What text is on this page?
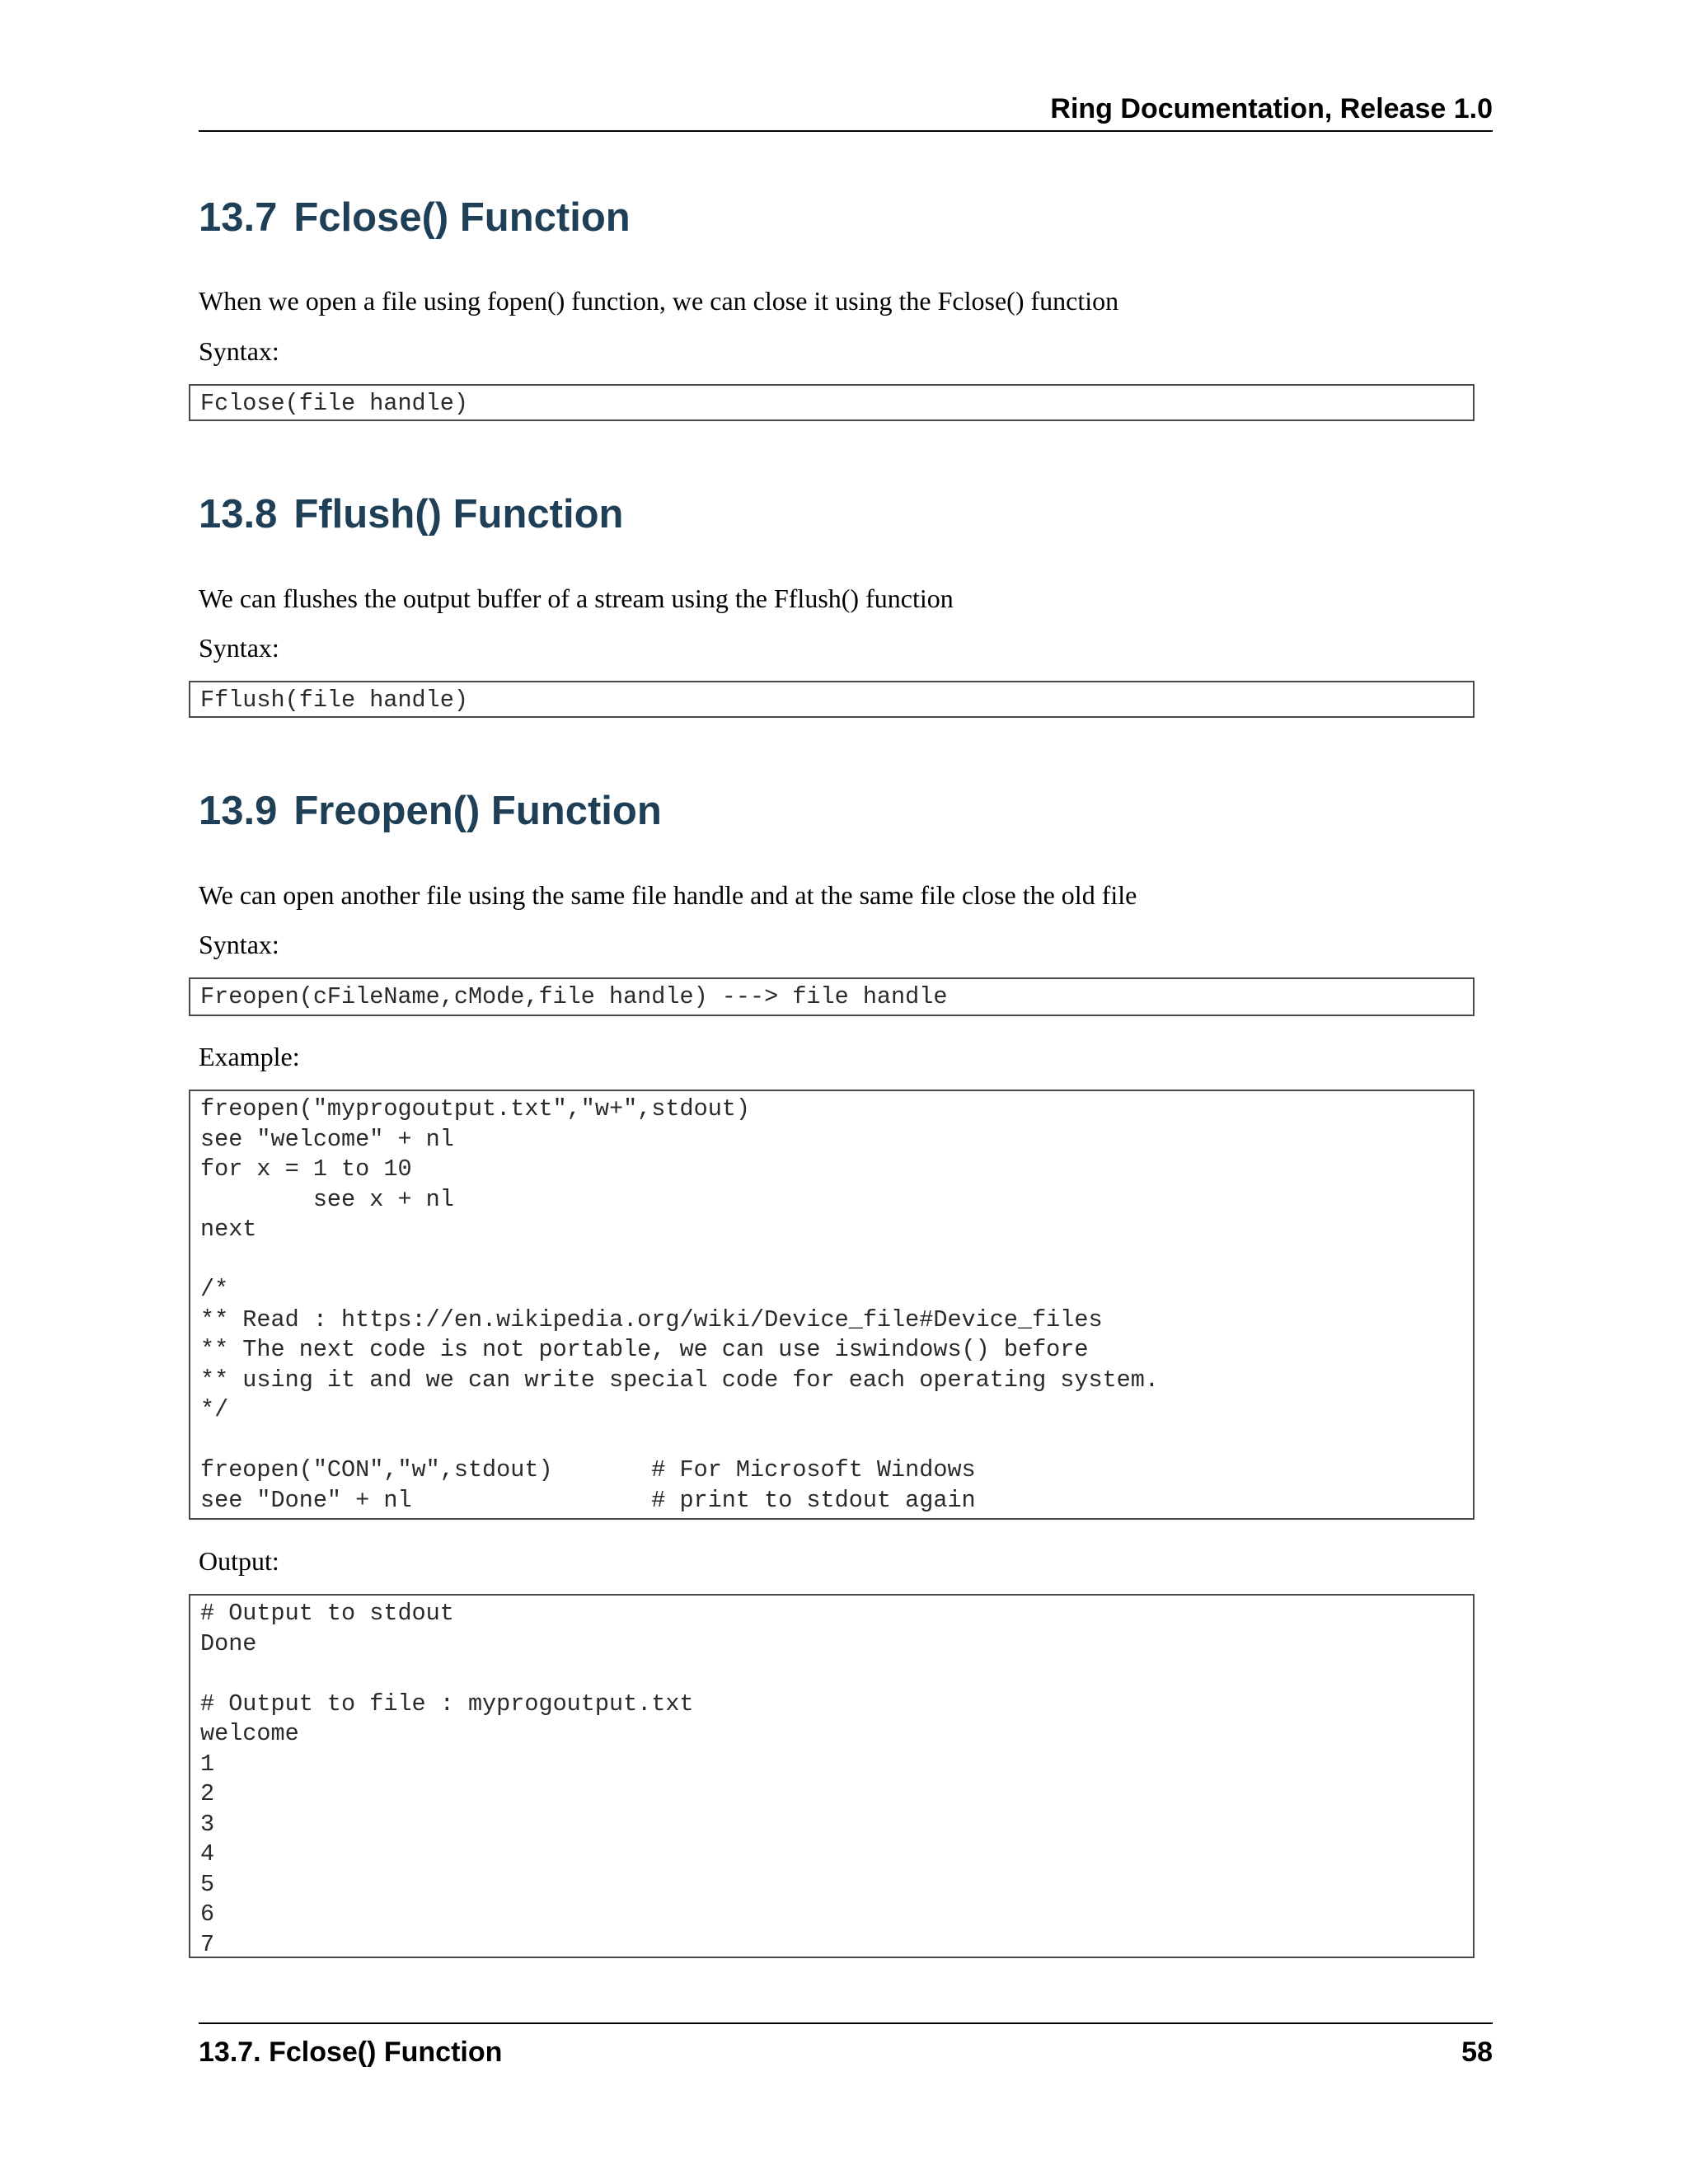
Ring Documentation, Release 1.0
13.7 Fclose() Function

When we open a file using fopen() function, we can close it using the Fclose() function

Syntax:

Fclose(file handle)
13.8 Fflush() Function

We can flushes the output buffer of a stream using the Fflush() function

Syntax:

Fflush(file handle)
13.9 Freopen() Function

We can open another file using the same file handle and at the same file close the old file

Syntax:

Freopen(cFileName,cMode,file handle) ---> file handle

Example:

freopen("myprogoutput.txt","w+",stdout)
see "welcome" + nl
for x = 1 to 10
see x + nl
next

/*
** Read : https://en.wikipedia.org/wiki/Device_file#Device_files
** The next code is not portable, we can use iswindows() before
** using it and we can write special code for each operating system.
*/

freopen("CON","w",stdout)       # For Microsoft Windows
see "Done" + nl                 # print to stdout again

Output:

# Output to stdout
Done

# Output to file : myprogoutput.txt
welcome
1
2
3
4
5
6
7
13.7. Fclose() Function	58
